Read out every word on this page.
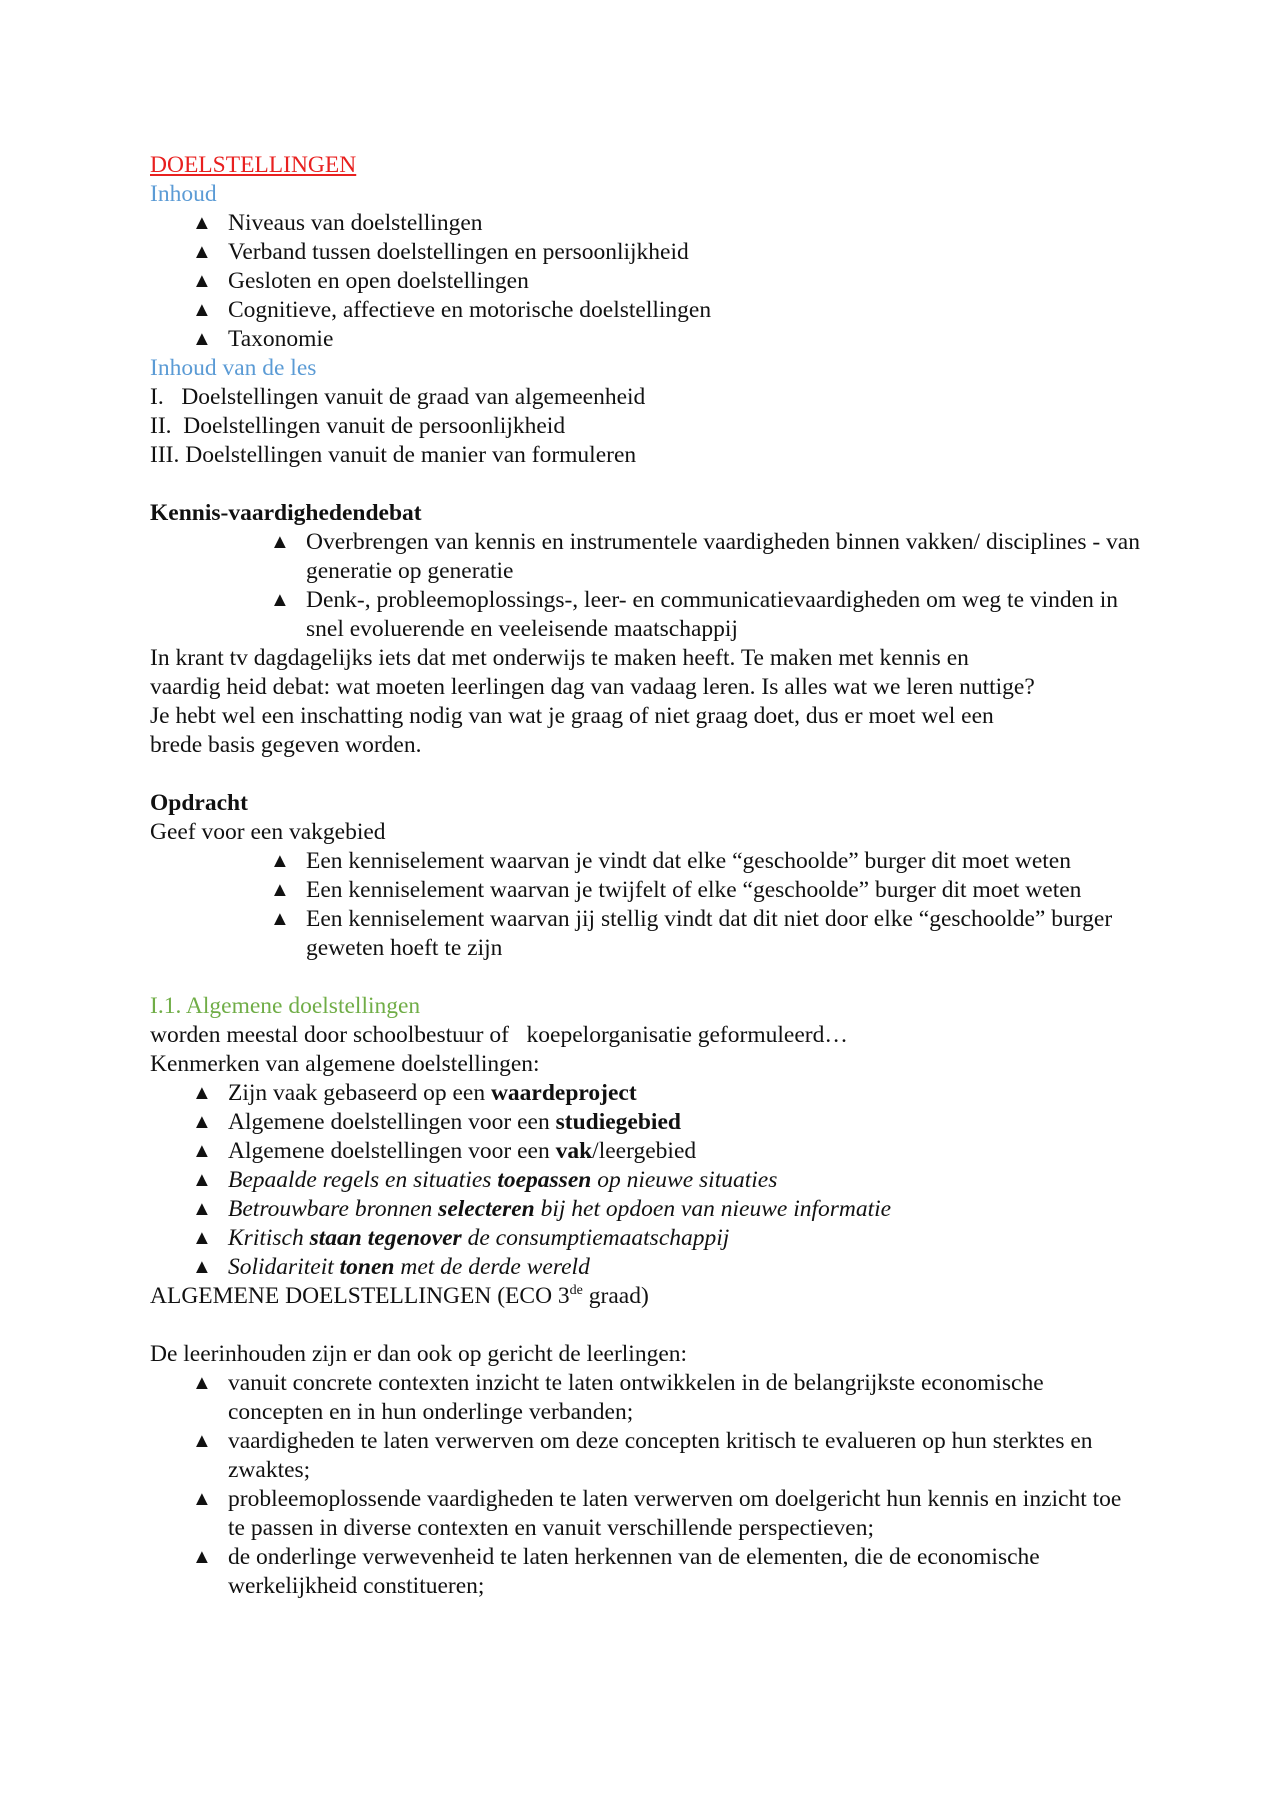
DOELSTELLINGEN
Inhoud
▲ Niveaus van doelstellingen
▲ Verband tussen doelstellingen en persoonlijkheid
▲ Gesloten en open doelstellingen
▲ Cognitieve, affectieve en motorische doelstellingen
▲ Taxonomie
Inhoud van de les
I.   Doelstellingen vanuit de graad van algemeenheid
II.  Doelstellingen vanuit de persoonlijkheid
III. Doelstellingen vanuit de manier van formuleren
Kennis-vaardighedendebat
▲ Overbrengen van kennis en instrumentele vaardigheden binnen vakken/ disciplines - van generatie op generatie
▲ Denk-, probleemoplossings-, leer- en communicatievaardigheden om weg te vinden in snel evoluerende en veeleisende maatschappij
In krant tv dagdagelijks iets dat met onderwijs te maken heeft. Te maken met kennis en
vaardig heid debat: wat moeten leerlingen dag van vadaag leren. Is alles wat we leren nuttige?
Je hebt wel een inschatting nodig van wat je graag of niet graag doet, dus er moet wel een
brede basis gegeven worden.
Opdracht
Geef voor een vakgebied
▲ Een kenniselement waarvan je vindt dat elke “geschoolde” burger dit moet weten
▲ Een kenniselement waarvan je twijfelt of elke “geschoolde” burger dit moet weten
▲ Een kenniselement waarvan jij stellig vindt dat dit niet door elke “geschoolde” burger geweten hoeft te zijn
I.1. Algemene doelstellingen
worden meestal door schoolbestuur of   koepelorganisatie geformuleerd…
Kenmerken van algemene doelstellingen:
▲ Zijn vaak gebaseerd op een waardeproject
▲ Algemene doelstellingen voor een studiegebied
▲ Algemene doelstellingen voor een vak/leergebied
▲ Bepaalde regels en situaties toepassen op nieuwe situaties
▲ Betrouwbare bronnen selecteren bij het opdoen van nieuwe informatie
▲ Kritisch staan tegenover de consumptiemaatschappij
▲ Solidariteit tonen met de derde wereld
ALGEMENE DOELSTELLINGEN (ECO 3de graad)
De leerinhouden zijn er dan ook op gericht de leerlingen:
▲ vanuit concrete contexten inzicht te laten ontwikkelen in de belangrijkste economische concepten en in hun onderlinge verbanden;
▲ vaardigheden te laten verwerven om deze concepten kritisch te evalueren op hun sterktes en zwaktes;
▲ probleemoplossende vaardigheden te laten verwerven om doelgericht hun kennis en inzicht toe te passen in diverse contexten en vanuit verschillende perspectieven;
▲ de onderlinge verwevenheid te laten herkennen van de elementen, die de economische werkelijkheid constitueren;
